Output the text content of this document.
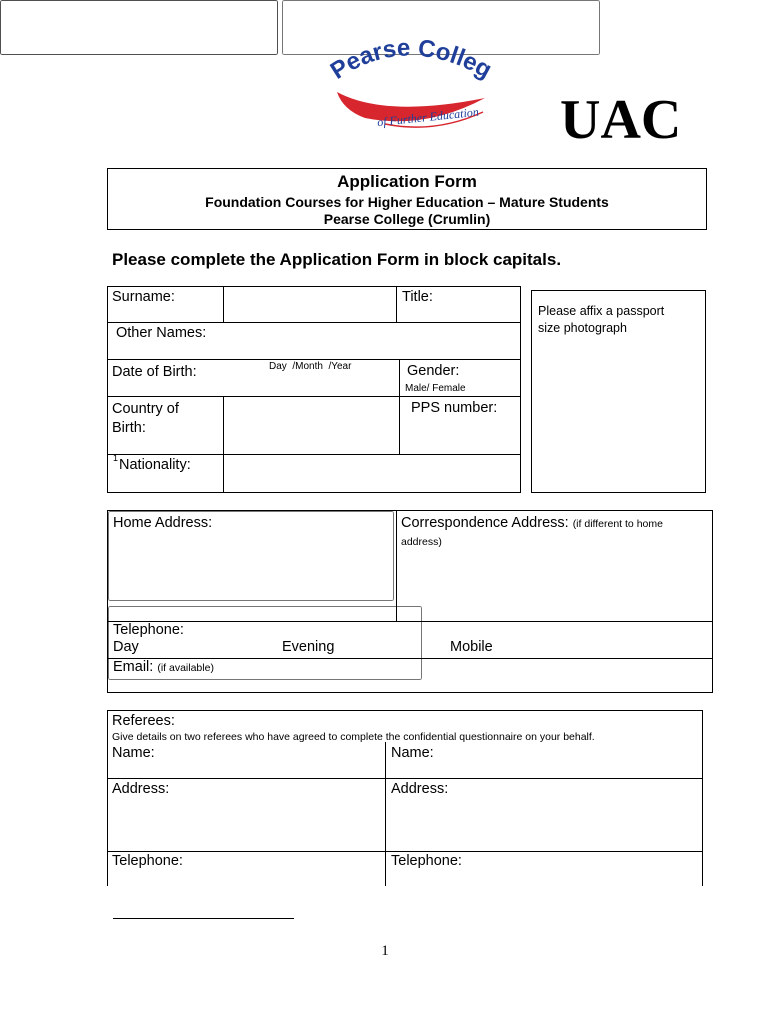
Pearse Colleg
of Further Education UAC
Application Form
Foundation Courses for Higher Education – Mature Students
Pearse College (Crumlin)
Please complete the Application Form in block capitals.
Surname:	Title:
Other Names:
Date of Birth:	Day  /Month  /Year	Gender:
Male/ Female
Country of Birth:
PPS number:
1 Nationality:
Please affix a passport size photograph
Home Address:
	Correspondence Address: (if different to home address)
Telephone:
Day	Evening	Mobile
Email: (if available)
Referees:
Give details on two referees who have agreed to complete the confidential questionnaire on your behalf.
Name:	Name:
Address:	Address:

Telephone:	Telephone:
1
